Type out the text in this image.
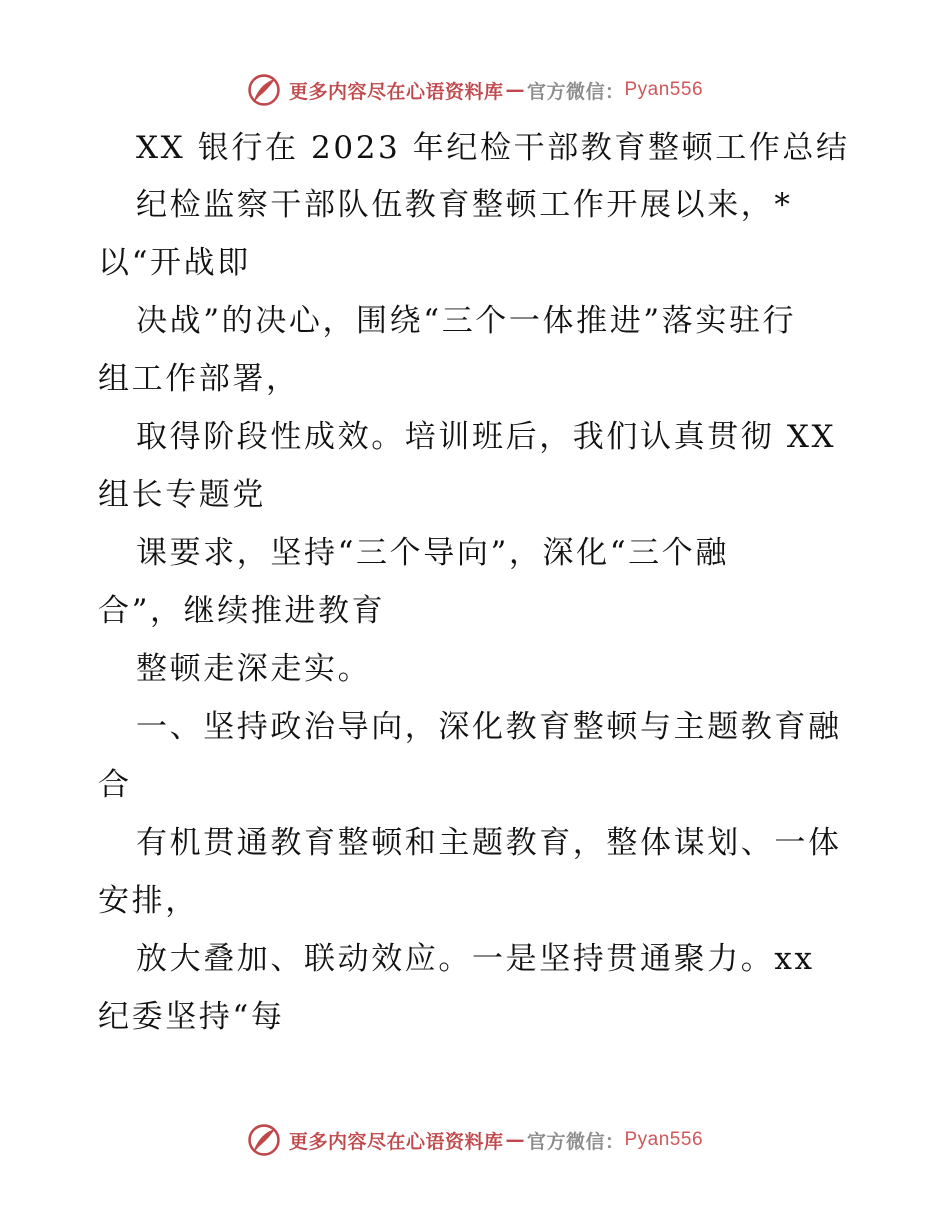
更多内容尽在心语资料库 — 官方微信： Pyan556
XX 银行在 2023 年纪检干部教育整顿工作总结
纪检监察干部队伍教育整顿工作开展以来，*
以“开战即
决战”的决心，围绕“三个一体推进”落实驻行
组工作部署，
取得阶段性成效。培训班后，我们认真贯彻 XX
组长专题党
课要求，坚持“三个导向”，深化“三个融
合”，继续推进教育
整顿走深走实。
一、坚持政治导向，深化教育整顿与主题教育融
合
有机贯通教育整顿和主题教育，整体谋划、一体
安排，
放大叠加、联动效应。一是坚持贯通聚力。xx
纪委坚持“每
更多内容尽在心语资料库 — 官方微信： Pyan556
